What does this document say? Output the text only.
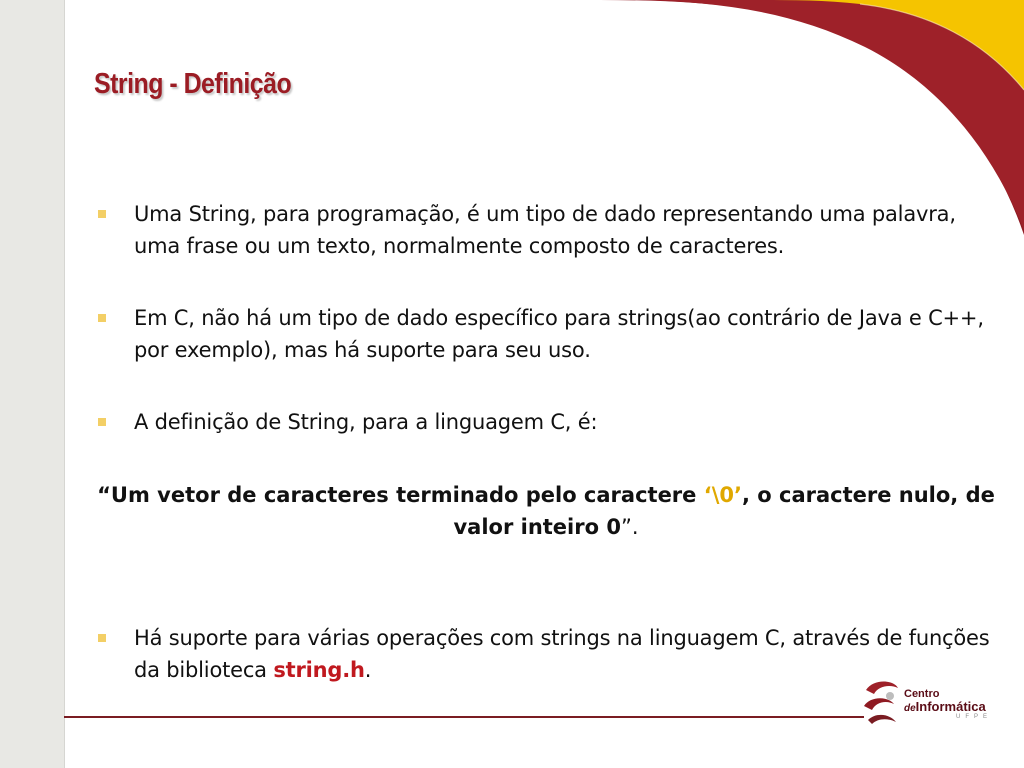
String - Definição
Uma String, para programação, é um tipo de dado representando uma palavra, uma frase ou um texto, normalmente composto de caracteres.
Em C, não há um tipo de dado específico para strings(ao contrário de Java e C++, por exemplo), mas há suporte para seu uso.
A definição de String, para a linguagem C, é:
“Um vetor de caracteres terminado pelo caractere ‘\0’, o caractere nulo, de valor inteiro 0”.
Há suporte para várias operações com strings na linguagem C, através de funções da biblioteca string.h.
Centro
deInformática
UFPE
